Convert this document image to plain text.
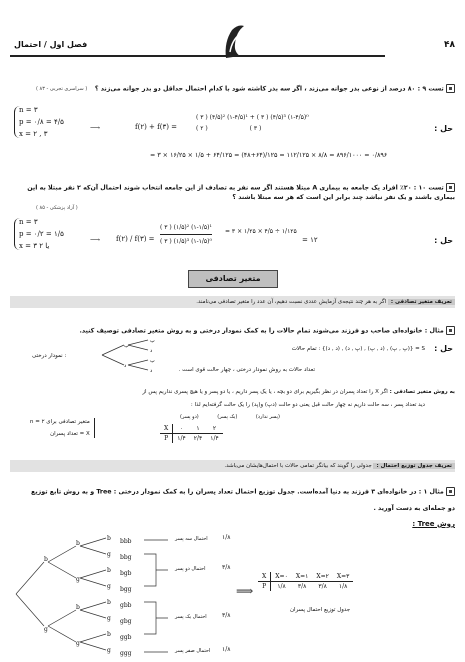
۴۸
فصل اول / احتمال
تست ۹ : ۸۰ درصد از نوعی بذر جوانه می‌زند ، اگر سه بذر کاشته شود با کدام احتمال حداقل دو بذر جوانه می‌زند ؟
( سراسری تجربی - ۸۳ )
حل :
n = ۳
p = ۰/۸ = ۴/۵
x = ۲ , ۳
⟶	f(۲) + f(۳) =
( ۳ ) (۴/۵)² (۱-۴/۵)¹ + ( ۳ ) (۴/۵)³ (۱-۴/۵)⁰
( ۲ )                      ( ۳ )
= ۳ × ۱۶/۲۵ × ۱/۵ + ۶۴/۱۲۵ = (۴۸+۶۴)/۱۲۵ = ۱۱۲/۱۲۵ × ۸/۸ = ۸۹۶/۱۰۰۰ = ۰/۸۹۶
تست ۱۰ : ۲۰٪ افراد یک جامعه به بیماری A مبتلا هستند اگر سه نفر به تصادف از این جامعه انتخاب شوند احتمال آن‌که ۲ نفر مبتلا به این بیماری باشند و یک نفر نباشد چند برابر این است که هر سه مبتلا باشند ؟
( آزاد پزشکی - ۸۵ )
حل :
n = ۳
p = ۰/۲ = ۱/۵
x = ۳ یا ۲
⟶ f(۲) / f(۳) =
( ۳ ) (۱/۵)² (۱-۱/۵)¹

( ۳ ) (۱/۵)³ (۱-۱/۵)⁰
= ۳ × ۱/۲۵ × ۴/۵ ÷ ۱/۱۲۵
= ۱۲
متغیر تصادفی
تعریف متغیر تصادفی : اگر به هر چند نتیجه‌ی آزمایش عددی نسبت دهیم، آن عدد را متغیر تصادفی می‌نامند.
مثال : خانواده‌ای صاحب دو فرزند می‌شوند تمام حالات را به کمک نمودار درختی و به روش متغیر تصادفی توصیف کنید.
حل :
S = {(پ , پ) , (د , پ) , (پ , د) , (د , د)} : تمام حالات
پ
د
پ
د
پ
د
: نمودار درختی
تعداد حالات به روش نمودار درختی ، چهار حالت قوی است .
به روش متغیر تصادفی : اگر X را تعداد پسران در نظر بگیریم برای دو بچه ، یا یک پسر داریم ، یا دو پسر و یا هیچ پسری نداریم پس از
دید تعداد پسر ، سه حالت داریم نه چهار حالت قبل یعنی دو حالت (دپ) و(پد) را یک حالت گرفته‌ایم لذا :
متغیر تصادفی برای n = ۲
X = تعداد پسران
(دو پسر)	(یک پسر)	(پسر ندارد)
X	۰	۱	۲
P	۱/۴	۲/۴	۱/۴
تعریف جدول توزیع احتمال : جدولی را گویند که بیانگر تمامی حالات با احتمال‌هایشان می‌باشد.
مثال ۱ : در خانواده‌ای ۳ فرزند به دنیا آمده‌است. جدول توزیع احتمال تعداد پسران را به کمک نمودار درختی : Tree و به روش تابع توزیع
دو جمله‌ای به دست آورید .
روش Tree :
b
g
b
g
b
g
b
g
b
g
b
g
b
g
bbb
bbg
bgb
bgg
gbb
gbg
ggb
ggg
احتمال سه پسر
احتمال دو پسر
احتمال یک پسر
احتمال صفر پسر
۱/۸
۳/۸
۳/۸
۱/۸
⟹
X	X=۰	X=۱	X=۲	X=۳
P	۱/۸	۳/۸	۳/۸	۱/۸
جدول توزیع احتمال پسران
